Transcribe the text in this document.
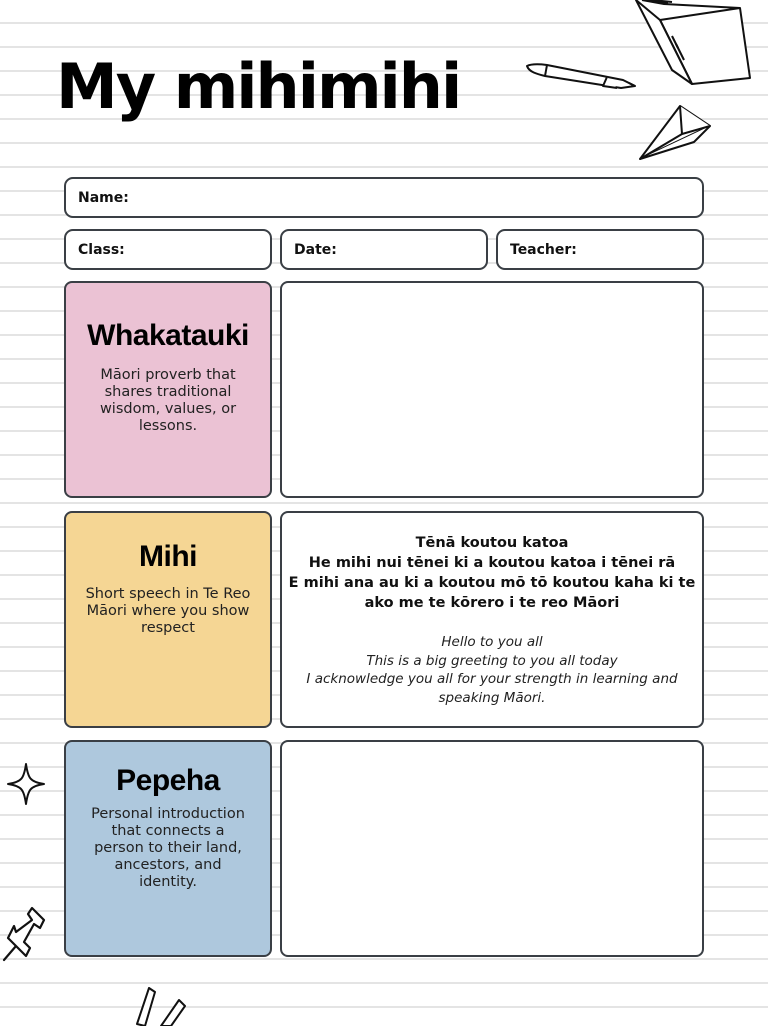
My mihimihi
Name:
Class:	Date:	Teacher:
Whakatauki

Māori proverb that
shares traditional
wisdom, values, or
lessons.

Mihi

Short speech in Te Reo
Māori where you show
respect

Tēnā koutou katoa
He mihi nui tēnei ki a koutou katoa i tēnei rā
E mihi ana au ki a koutou mō tō koutou kaha ki te
ako me te kōrero i te reo Māori
Hello to you all
This is a big greeting to you all today
I acknowledge you all for your strength in learning and
speaking Māori.
Pepeha

Personal introduction
that connects a
person to their land,
ancestors, and
identity.
